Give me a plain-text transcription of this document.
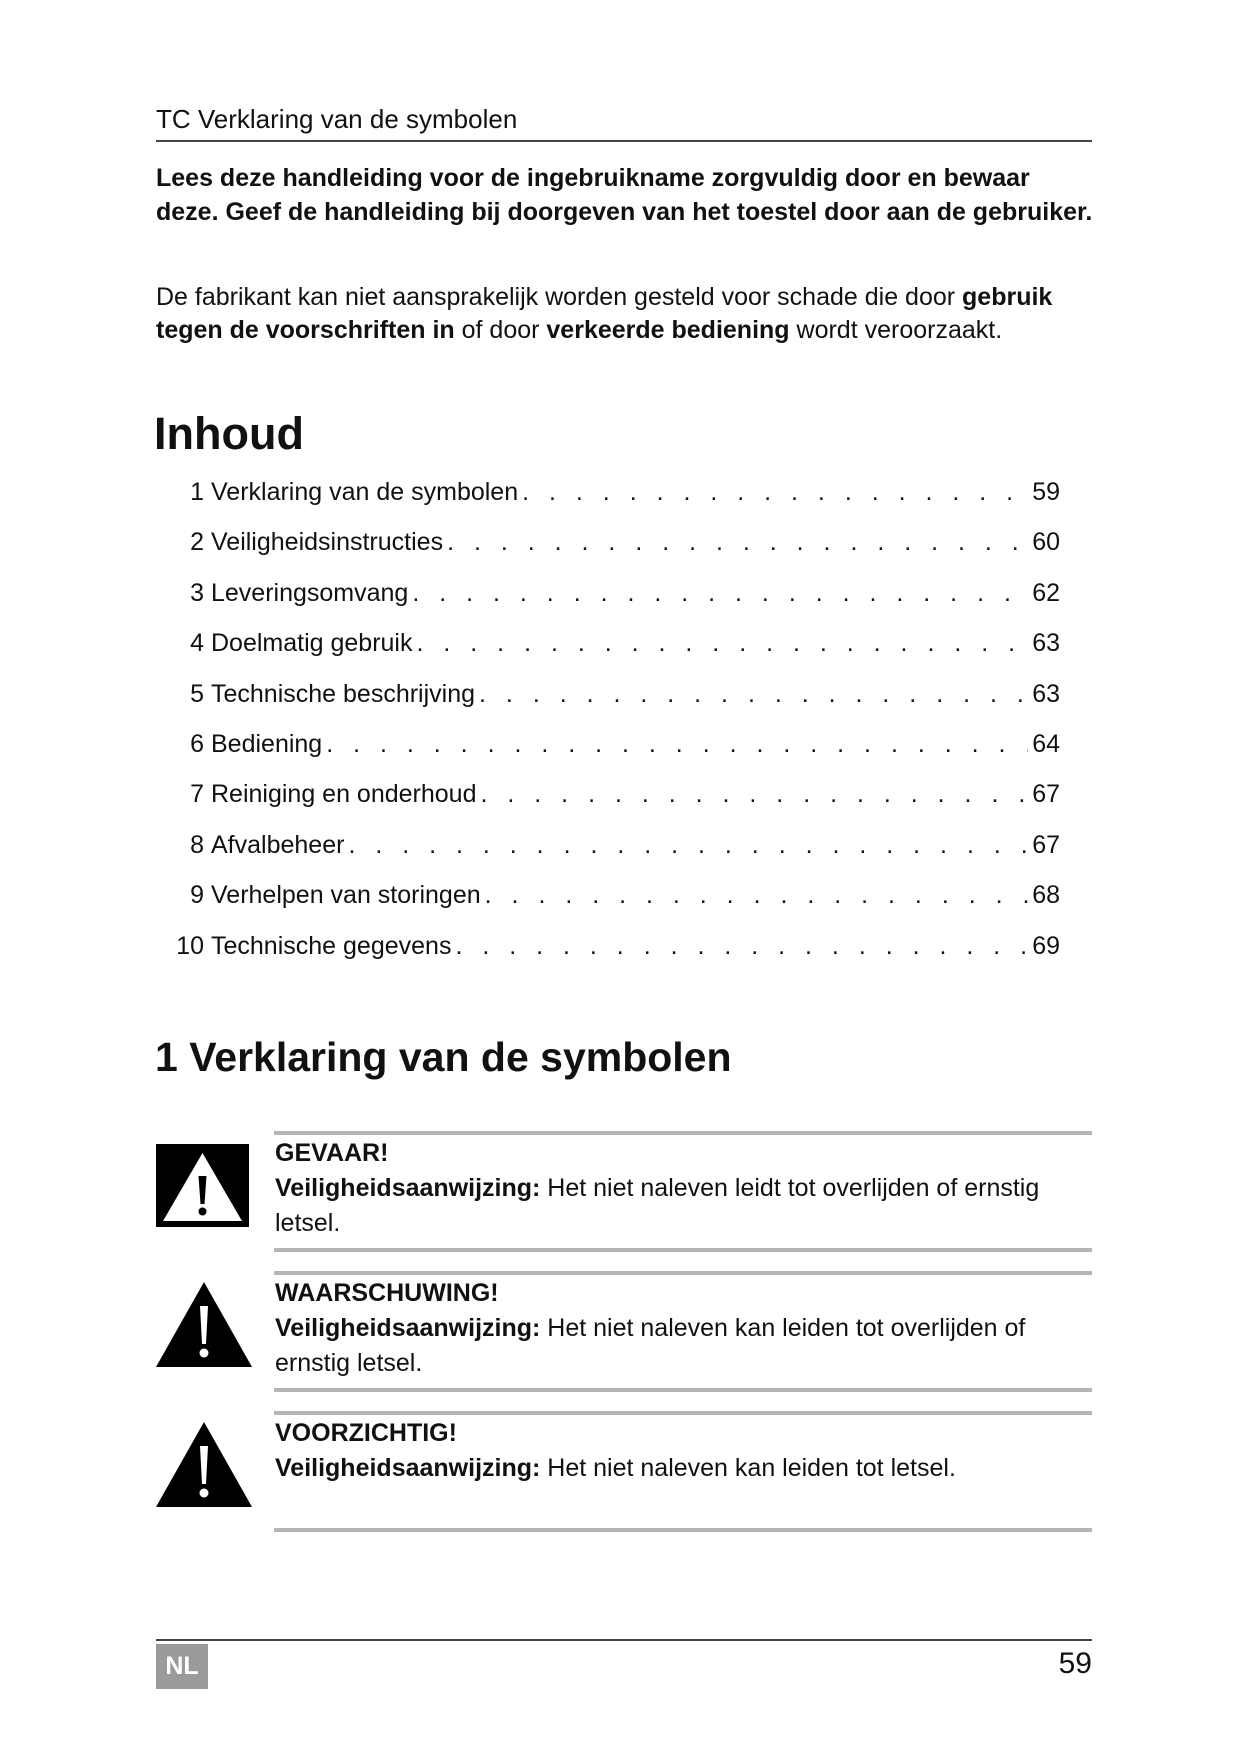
TC Verklaring van de symbolen
Lees deze handleiding voor de ingebruikname zorgvuldig door en bewaar deze. Geef de handleiding bij doorgeven van het toestel door aan de gebruiker.
De fabrikant kan niet aansprakelijk worden gesteld voor schade die door gebruik tegen de voorschriften in of door verkeerde bediening wordt veroorzaakt.
Inhoud
1 Verklaring van de symbolen . . .	59
2 Veiligheidsinstructies . . .	60
3 Leveringsomvang . . .	62
4 Doelmatig gebruik . . .	63
5 Technische beschrijving . . .	63
6 Bediening . . .	64
7 Reiniging en onderhoud . . .	67
8 Afvalbeheer . . .	67
9 Verhelpen van storingen . . .	68
10 Technische gegevens . . .	69
1 Verklaring van de symbolen
GEVAAR!
Veiligheidsaanwijzing: Het niet naleven leidt tot overlijden of ernstig letsel.
WAARSCHUWING!
Veiligheidsaanwijzing: Het niet naleven kan leiden tot overlijden of ernstig letsel.
VOORZICHTIG!
Veiligheidsaanwijzing: Het niet naleven kan leiden tot letsel.
NL	59
